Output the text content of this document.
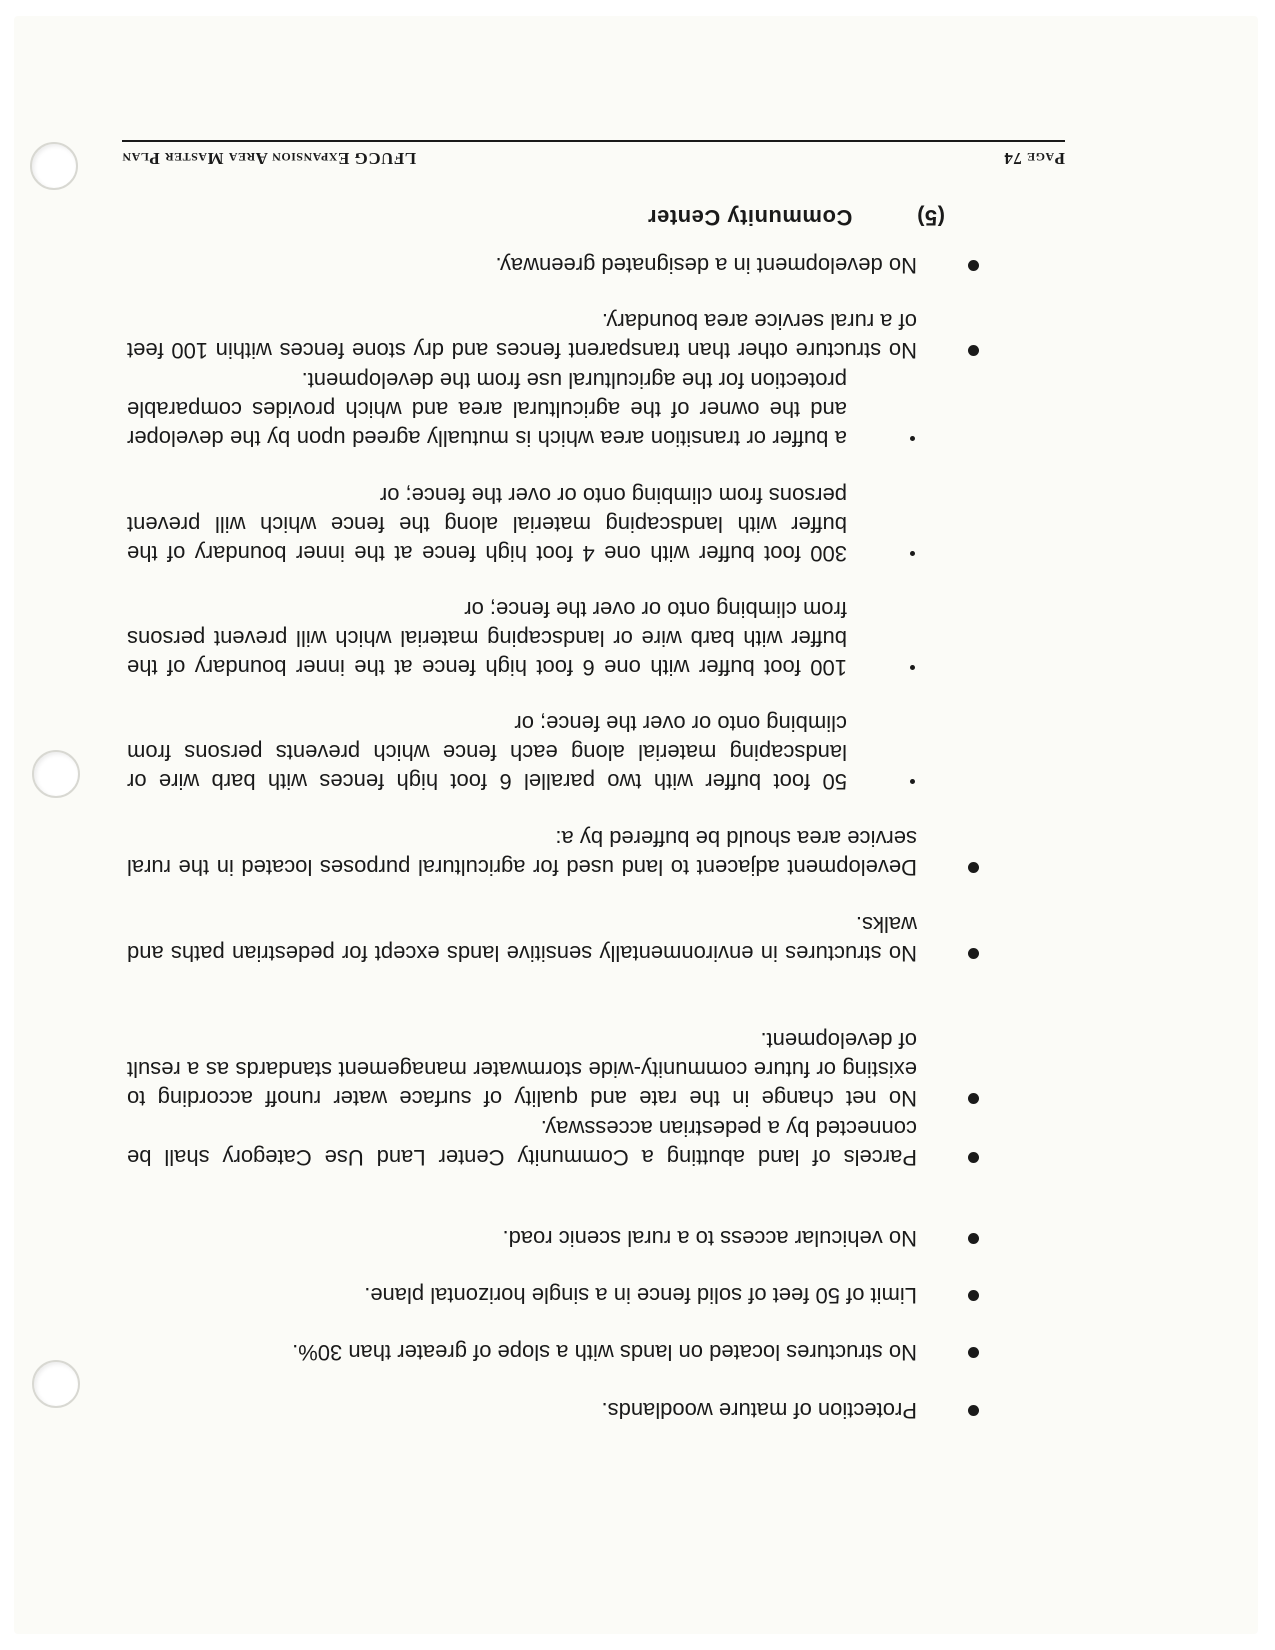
Page 74
LFUCG Expansion Area Master Plan
(5) Community Center
No development in a designated greenway.
No structure other than transparent fences and dry stone fences within 100 feet of a rural service area boundary.
a buffer or transition area which is mutually agreed upon by the developer and the owner of the agricultural area and which provides comparable protection for the agricultural use from the development.
300 foot buffer with one 4 foot high fence at the inner boundary of the buffer with landscaping material along the fence which will prevent persons from climbing onto or over the fence; or
100 foot buffer with one 6 foot high fence at the inner boundary of the buffer with barb wire or landscaping material which will prevent persons from climbing onto or over the fence; or
50 foot buffer with two parallel 6 foot high fences with barb wire or landscaping material along each fence which prevents persons from climbing onto or over the fence; or
Development adjacent to land used for agricultural purposes located in the rural service area should be buffered by a:
No structures in environmentally sensitive lands except for pedestrian paths and walks.
No net change in the rate and quality of surface water runoff according to existing or future community-wide stormwater management standards as a result of development.
Parcels of land abutting a Community Center Land Use Category shall be connected by a pedestrian accessway.
No vehicular access to a rural scenic road.
Limit of 50 feet of solid fence in a single horizontal plane.
No structures located on lands with a slope of greater than 30%.
Protection of mature woodlands.
